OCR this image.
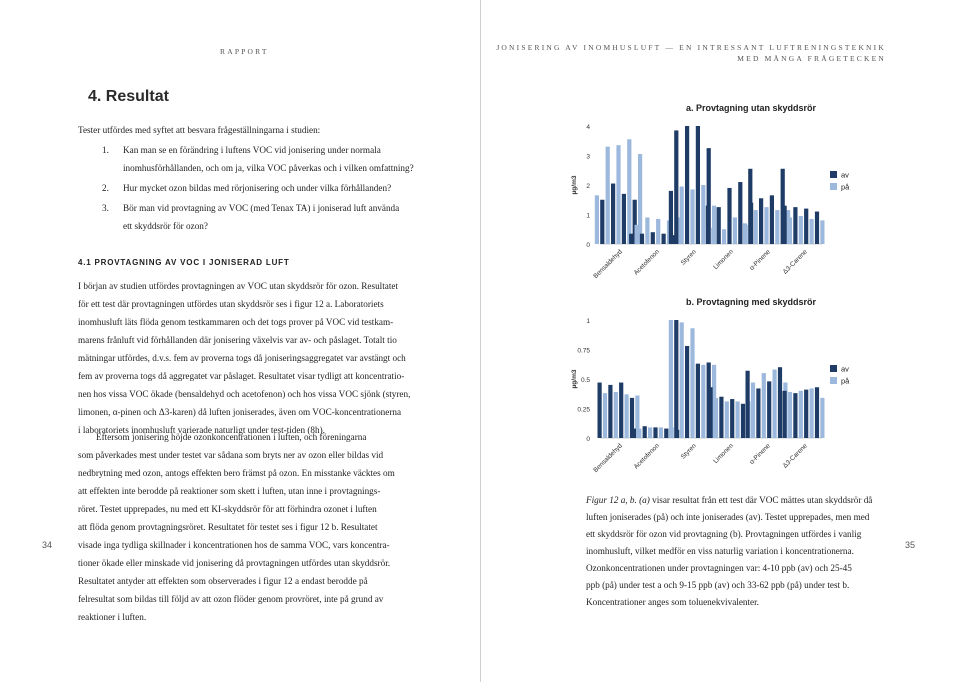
RAPPORT	JONISERING AV INOMHUSLUFT — EN INTRESSANT LUFTRENINGSTEKNIK
MED MÅNGA FRÅGETECKEN
4. Resultat

Tester utfördes med syftet att besvara frågeställningarna i studien:

1. Kan man se en förändring i luftens VOC vid jonisering under normala
inomhusförhållanden, och om ja, vilka VOC påverkas och i vilken omfattning?
2. Hur mycket ozon bildas med rörjonisering och under vilka förhållanden?
3. Bör man vid provtagning av VOC (med Tenax TA) i joniserad luft använda
ett skyddsrör för ozon?
4.1 PROVTAGNING AV VOC I JONISERAD LUFT

I början av studien utfördes provtagningen av VOC utan skyddsrör för ozon. Resultatet

för ett test där provtagningen utfördes utan skyddsrör ses i figur 12 a. Laboratoriets

inomhusluft läts flöda genom testkammaren och det togs prover på VOC vid testkam-

marens frånluft vid förhållanden där jonisering växelvis var av- och påslaget. Totalt tio

mätningar utfördes, d.v.s. fem av proverna togs då joniseringsaggregatet var avstängt och

fem av proverna togs då aggregatet var påslaget. Resultatet visar tydligt att koncentratio-

nen hos vissa VOC ökade (bensaldehyd och acetofenon) och hos vissa VOC sjönk (styren,

limonen, α-pinen och Δ3-karen) då luften joniserades, även om VOC-koncentrationerna

i laboratoriets inomhusluft varierade naturligt under test-tiden (8h).

Eftersom jonisering höjde ozonkoncentrationen i luften, och föreningarna

som påverkades mest under testet var sådana som bryts ner av ozon eller bildas vid

nedbrytning med ozon, antogs effekten bero främst på ozon. En misstanke väcktes om

att effekten inte berodde på reaktioner som skett i luften, utan inne i provtagnings-

röret. Testet upprepades, nu med ett KI-skyddsrör för att förhindra ozonet i luften

att flöda genom provtagningsröret. Resultatet för testet ses i figur 12 b. Resultatet

visade inga tydliga skillnader i koncentrationen hos de samma VOC, vars koncentra-

tioner ökade eller minskade vid jonisering då provtagningen utfördes utan skyddsrör.

Resultatet antyder att effekten som observerades i figur 12 a endast berodde på

felresultat som bildas till följd av att ozon flöder genom provröret, inte på grund av

reaktioner i luften.

34
a. Provtagning utan skyddsrör
0
1
2
3
4
µg/m3
Bensaldehyd Acetofenon	Styren Limonen α-Pinene Δ3-Carene
av
på
b. Provtagning med skyddsrör
0
0.25
0.5
0.75
1
µg/m3
Bensaldehyd Acetofenon	Styren Limonen α-Pinene Δ3-Carene
av
på
Figur 12 a, b. (a) visar resultat från ett test där VOC mättes utan skyddsrör då
luften joniserades (på) och inte joniserades (av). Testet upprepades, men med
ett skyddsrör för ozon vid provtagning (b). Provtagningen utfördes i vanlig
inomhusluft, vilket medför en viss naturlig variation i koncentrationerna.
Ozonkoncentrationen under provtagningen var: 4-10 ppb (av) och 25-45
ppb (på) under test a och 9-15 ppb (av) och 33-62 ppb (på) under test b.
Koncentrationer anges som toluenekvivalenter.
35
